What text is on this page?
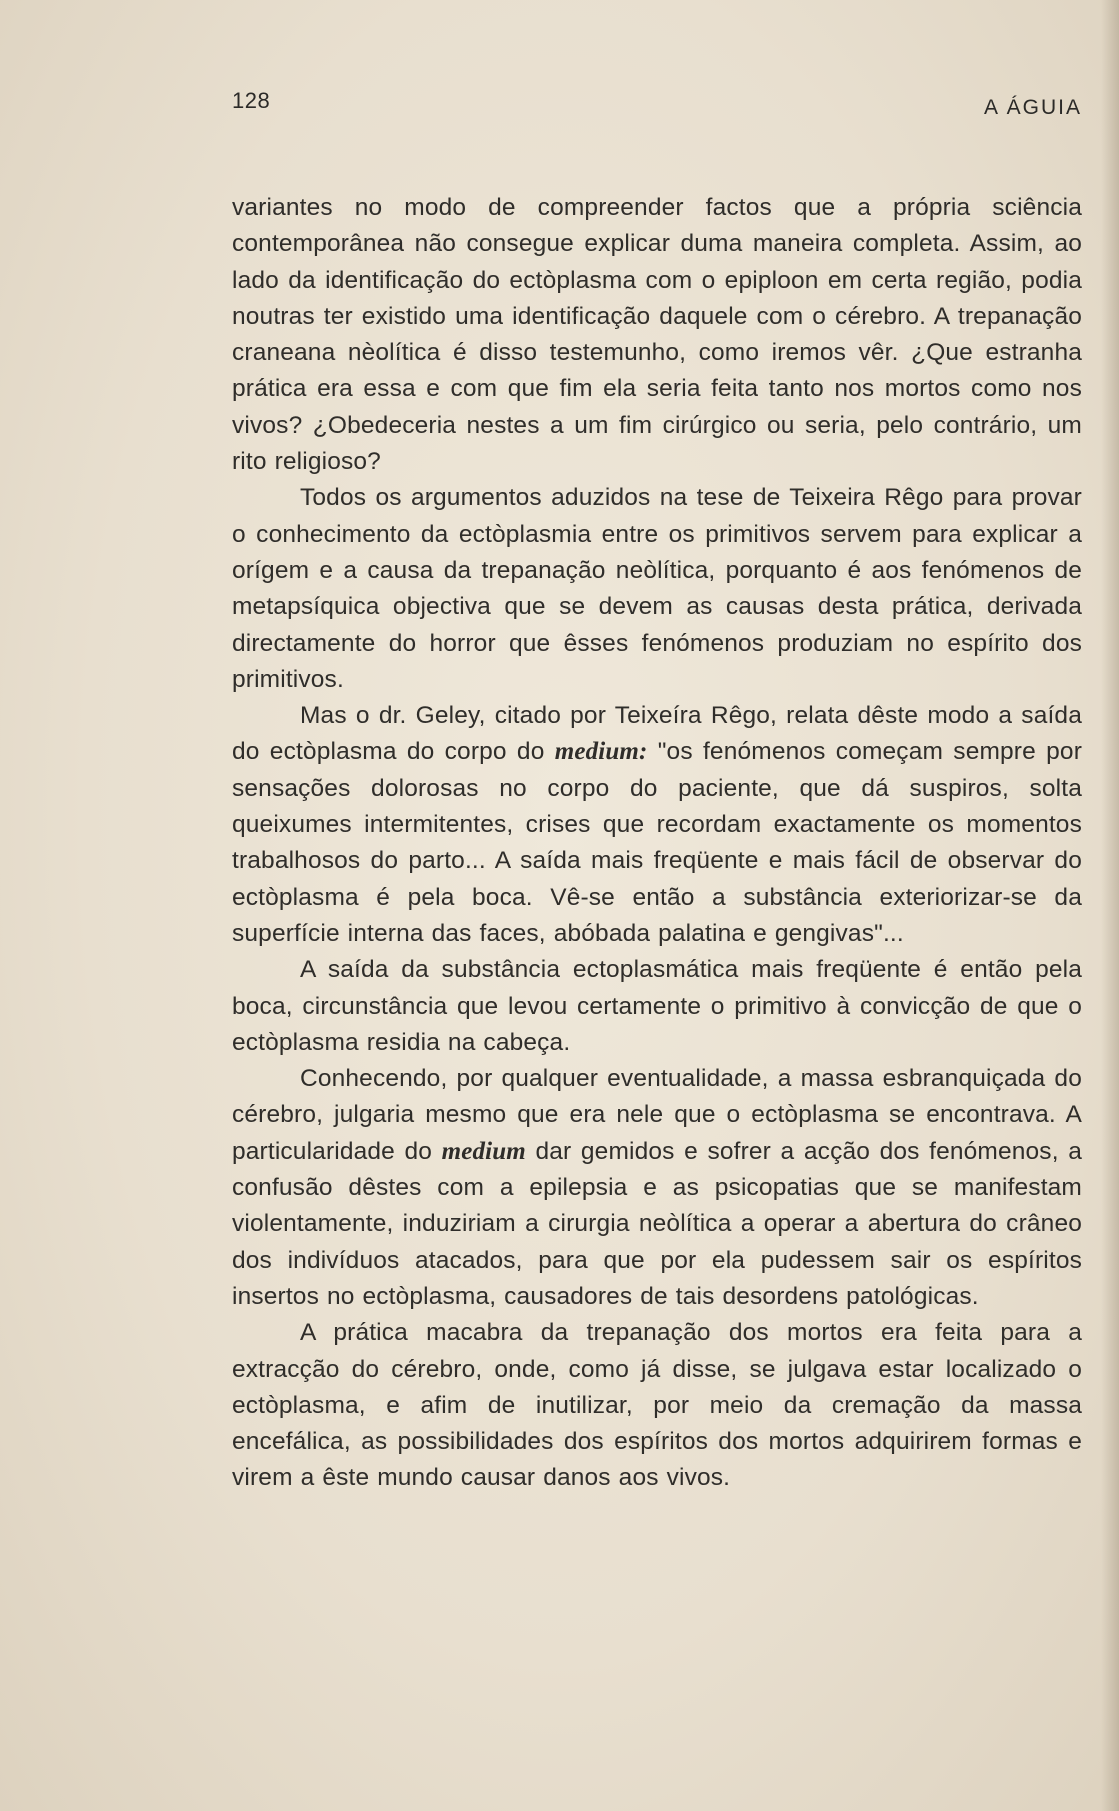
128	A ÁGUIA

variantes no modo de compreender factos que a própria sciência contemporânea não consegue explicar duma maneira completa. Assim, ao lado da identificação do ectòplasma com o epiploon em certa região, podia noutras ter existido uma identificação daquele com o cérebro. A trepanação craneana nèolítica é disso testemunho, como iremos vêr. ¿Que estranha prática era essa e com que fim ela seria feita tanto nos mortos como nos vivos? ¿Obedeceria nestes a um fim cirúrgico ou seria, pelo contrário, um rito religioso?

Todos os argumentos aduzidos na tese de Teixeira Rêgo para provar o conhecimento da ectòplasmia entre os primitivos servem para explicar a orígem e a causa da trepanação neòlítica, porquanto é aos fenómenos de metapsíquica objectiva que se devem as causas desta prática, derivada directamente do horror que êsses fenómenos produziam no espírito dos primitivos.

Mas o dr. Geley, citado por Teixeíra Rêgo, relata dêste modo a saída do ectòplasma do corpo do medium: "os fenómenos começam sempre por sensações dolorosas no corpo do paciente, que dá suspiros, solta queixumes intermitentes, crises que recordam exactamente os momentos trabalhosos do parto... A saída mais freqüente e mais fácil de observar do ectòplasma é pela boca. Vê-se então a substância exteriorizar-se da superfície interna das faces, abóbada palatina e gengivas"...

A saída da substância ectoplasmática mais freqüente é então pela boca, circunstância que levou certamente o primitivo à convicção de que o ectòplasma residia na cabeça.

Conhecendo, por qualquer eventualidade, a massa esbranquiçada do cérebro, julgaria mesmo que era nele que o ectòplasma se encontrava. A particularidade do medium dar gemidos e sofrer a acção dos fenómenos, a confusão dêstes com a epilepsia e as psicopatias que se manifestam violentamente, induziriam a cirurgia neòlítica a operar a abertura do crâneo dos indivíduos atacados, para que por ela pudessem sair os espíritos insertos no ectòplasma, causadores de tais desordens patológicas.

A prática macabra da trepanação dos mortos era feita para a extracção do cérebro, onde, como já disse, se julgava estar localizado o ectòplasma, e afim de inutilizar, por meio da cremação da massa encefálica, as possibilidades dos espíritos dos mortos adquirirem formas e virem a êste mundo causar danos aos vivos.
